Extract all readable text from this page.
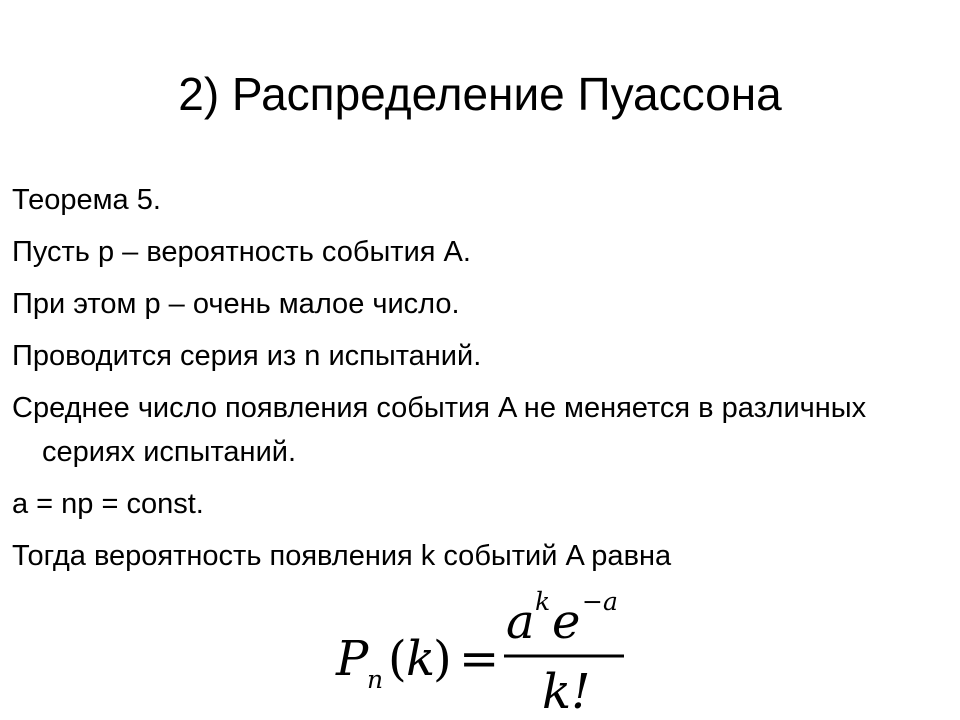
2) Распределение Пуассона
Теорема 5.
Пусть p – вероятность события A.
При этом p – очень малое число.
Проводится серия из n испытаний.
Среднее число появления события A не меняется в различных сериях испытаний.
a = np = const.
Тогда вероятность появления k событий A равна
P
n ( k
) =
a k e −a
k!
